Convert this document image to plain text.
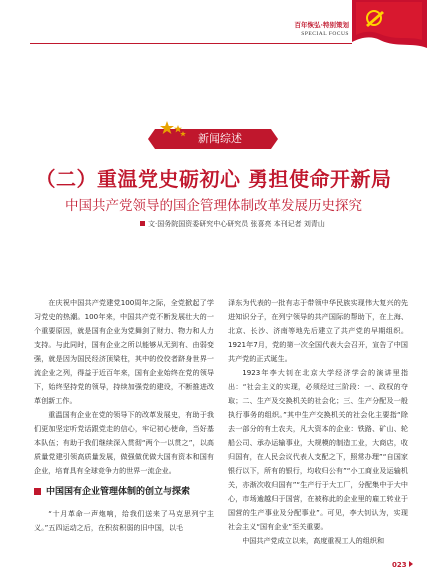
百年恢弘·特别策划
SPECIAL FOCUS
新闻综述
（二）重温党史砺初心 勇担使命开新局
中国共产党领导的国企管理体制改革发展历史探究
文·国务院国资委研究中心研究员 张喜亮 本刊记者 刘青山

在庆祝中国共产党建党100周年之际，全党掀起了学习党史的热潮。100年来，中国共产党不断发展壮大的一个重要原因，就是国有企业为党舞剑了财力、物力和人力支持。与此同时，国有企业之所以能够从无到有、由弱变强，就是因为国民经济顶梁柱，其中的佼佼者跻身世界一流企业之列，得益于近百年来，国有企业始终在党的领导下，始终坚持党的领导，持续加强党的建设，不断推进改革创新工作。

重温国有企业在党的领导下的改革发展史，有助于我们更加坚定听党话跟党走的信心，牢记初心使命，当好基本队伍；有助于我们继续深入贯彻“两个一以贯之”，以高质量党建引领高质量发展，做强做优做大国有资本和国有企业，培育具有全球竞争力的世界一流企业。

中国国有企业管理体制的创立与探索

“十月革命一声炮响，给我们送来了马克思列宁主义。”五四运动之后，在积贫积弱的旧中国，以毛

泽东为代表的一批有志于带领中华民族实现伟大复兴的先进知识分子，在列宁领导的共产国际的帮助下，在上海、北京、长沙、济南等地先后建立了共产党的早期组织。1921年7月，党的第一次全国代表大会召开，宣告了中国共产党的正式诞生。

1923年李大钊在北京大学经济学会的演讲里指出：“社会主义的实现，必须经过三阶段：一、政权的夺取；二、生产及交换机关的社会化；三、生产分配及一般执行事务的组织。”其中生产交换机关的社会化主要指“除去一部分的有土农夫，凡大资本的企业：铁路、矿山、轮船公司、承办运输事业，大规模的制造工业，大商店，收归国有，在人民会议代表人支配之下，照常办理”“自国家银行以下，所有的银行，均收归公有”“小工商业及运输机关，亦渐次收归国有”“生产行于大工厂，分配集中于大中心，市场逾越归于国营，在被称此的企业里的雇工转业于国营的生产事业及分配事业”。可见，李大钊认为，实现社会主义“国有企业”至关重要。

中国共产党成立以来，高度重视工人的组织和

023
